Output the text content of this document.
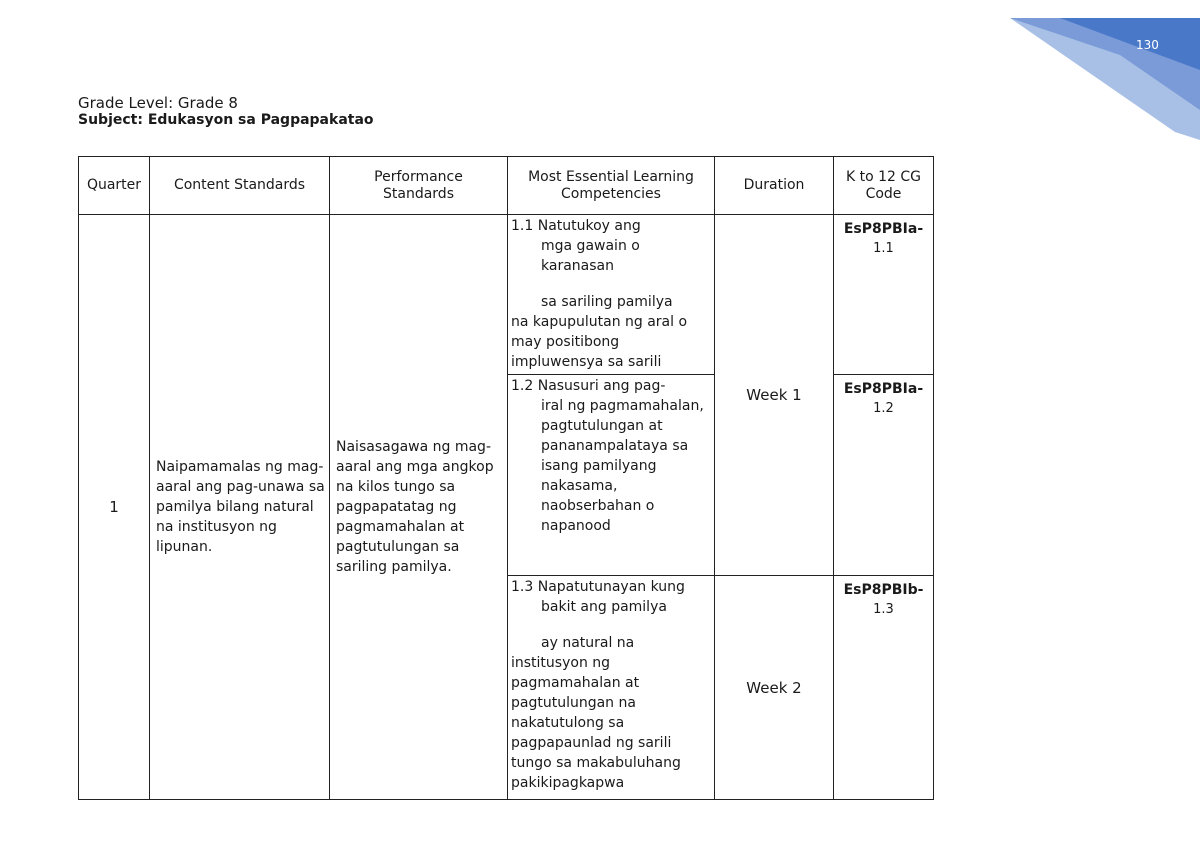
130
Grade Level: Grade 8
Subject: Edukasyon sa Pagpapakatao
Quarter	Content Standards	Performance Standards	Most Essential Learning Competencies	Duration	K to 12 CG Code
1	Naipamamalas ng mag-aaral ang pag-unawa sa pamilya bilang natural na institusyon ng lipunan.	Naisasagawa ng mag-aaral ang mga angkop na kilos tungo sa pagpapatatag ng pagmamahalan at pagtutulungan sa sariling pamilya.	1.1 Natutukoy ang
mga gawain o karanasan
sa sariling pamilya
na kapupulutan ng aral o may positibong impluwensya sa sarili	Week 1	EsP8PBIa-
1.1

			1.2 Nasusuri ang pag-
iral ng pagmamahalan, pagtutulungan at pananampalataya sa isang pamilyang nakasama, naobserbahan o napanood		EsP8PBIa-
1.2

			1.3 Napatutunayan kung
bakit ang pamilya
ay natural na
institusyon ng pagmamahalan at pagtutulungan na nakatutulong sa pagpapaunlad ng sarili tungo sa makabuluhang pakikipagkapwa	Week 2	EsP8PBIb-
1.3
